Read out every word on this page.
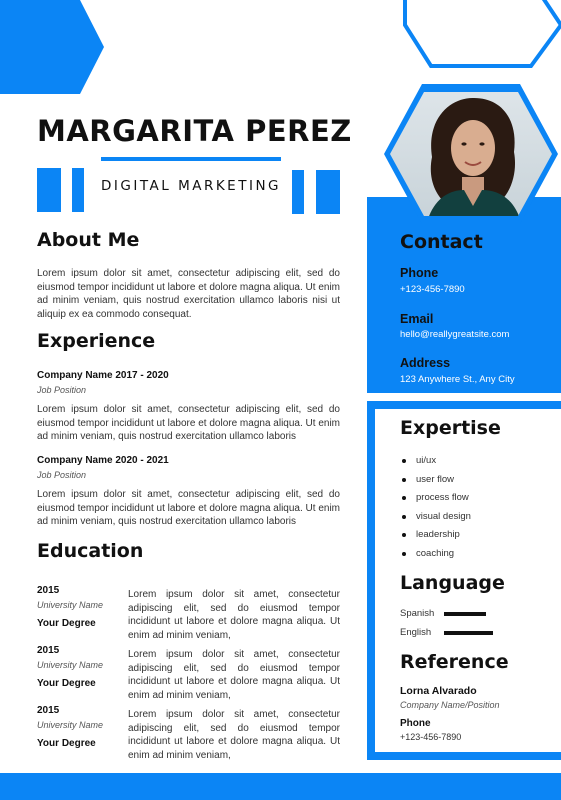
MARGARITA PEREZ
DIGITAL MARKETING
About Me
Lorem ipsum dolor sit amet, consectetur adipiscing elit, sed do eiusmod tempor incididunt ut labore et dolore magna aliqua. Ut enim ad minim veniam, quis nostrud exercitation ullamco laboris nisi ut aliquip ex ea commodo consequat.
Experience
Company Name 2017 - 2020
Job Position
Lorem ipsum dolor sit amet, consectetur adipiscing elit, sed do eiusmod tempor incididunt ut labore et dolore magna aliqua. Ut enim ad minim veniam, quis nostrud exercitation ullamco laboris
Company Name 2020 - 2021
Job Position
Lorem ipsum dolor sit amet, consectetur adipiscing elit, sed do eiusmod tempor incididunt ut labore et dolore magna aliqua. Ut enim ad minim veniam, quis nostrud exercitation ullamco laboris
Education
2015
University Name
Your Degree
Lorem ipsum dolor sit amet, consectetur adipiscing elit, sed do eiusmod tempor incididunt ut labore et dolore magna aliqua. Ut enim ad minim veniam,
2015
University Name
Your Degree
Lorem ipsum dolor sit amet, consectetur adipiscing elit, sed do eiusmod tempor incididunt ut labore et dolore magna aliqua. Ut enim ad minim veniam,
2015
University Name
Your Degree
Lorem ipsum dolor sit amet, consectetur adipiscing elit, sed do eiusmod tempor incididunt ut labore et dolore magna aliqua. Ut enim ad minim veniam,
Contact
Phone
+123-456-7890
Email
hello@reallygreatsite.com
Address
123 Anywhere St., Any City
Expertise
ui/ux
user flow
process flow
visual design
leadership
coaching
Language
Spanish
English
Reference
Lorna Alvarado
Company Name/Position
Phone
+123-456-7890
